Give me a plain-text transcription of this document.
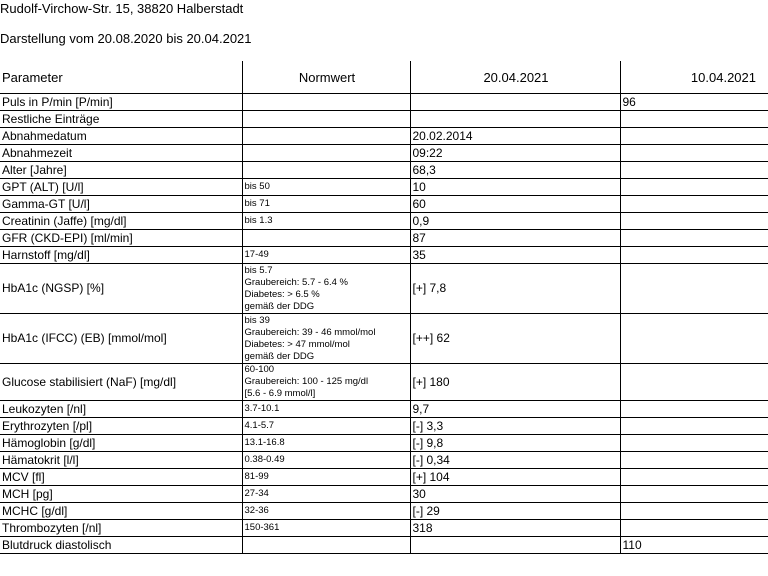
Rudolf-Virchow-Str. 15, 38820 Halberstadt
Darstellung vom 20.08.2020 bis 20.04.2021
Parameter	Normwert	20.04.2021	10.04.2021
Puls in P/min [P/min]			96
Restliche Einträge			
Abnahmedatum		20.02.2014	
Abnahmezeit		09:22	
Alter [Jahre]		68,3	
GPT (ALT) [U/l]	bis 50	10	
Gamma-GT [U/l]	bis 71	60	
Creatinin (Jaffe) [mg/dl]	bis 1.3	0,9	
GFR (CKD-EPI) [ml/min]		87	
Harnstoff [mg/dl]	17-49	35	
HbA1c (NGSP) [%]	bis 5.7
Graubereich: 5.7 - 6.4 %
Diabetes: > 6.5 %
gemäß der DDG	[+] 7,8	
HbA1c (IFCC) (EB) [mmol/mol]	bis 39
Graubereich: 39 - 46 mmol/mol
Diabetes: > 47 mmol/mol
gemäß der DDG	[++] 62	
Glucose stabilisiert (NaF) [mg/dl]	60-100
Graubereich: 100 - 125 mg/dl
[5.6 - 6.9 mmol/l]	[+] 180	
Leukozyten [/nl]	3.7-10.1	9,7	
Erythrozyten [/pl]	4.1-5.7	[-] 3,3	
Hämoglobin [g/dl]	13.1-16.8	[-] 9,8	
Hämatokrit [l/l]	0.38-0.49	[-] 0,34	
MCV [fl]	81-99	[+] 104	
MCH [pg]	27-34	30	
MCHC [g/dl]	32-36	[-] 29	
Thrombozyten [/nl]	150-361	318	
Blutdruck diastolisch			110
